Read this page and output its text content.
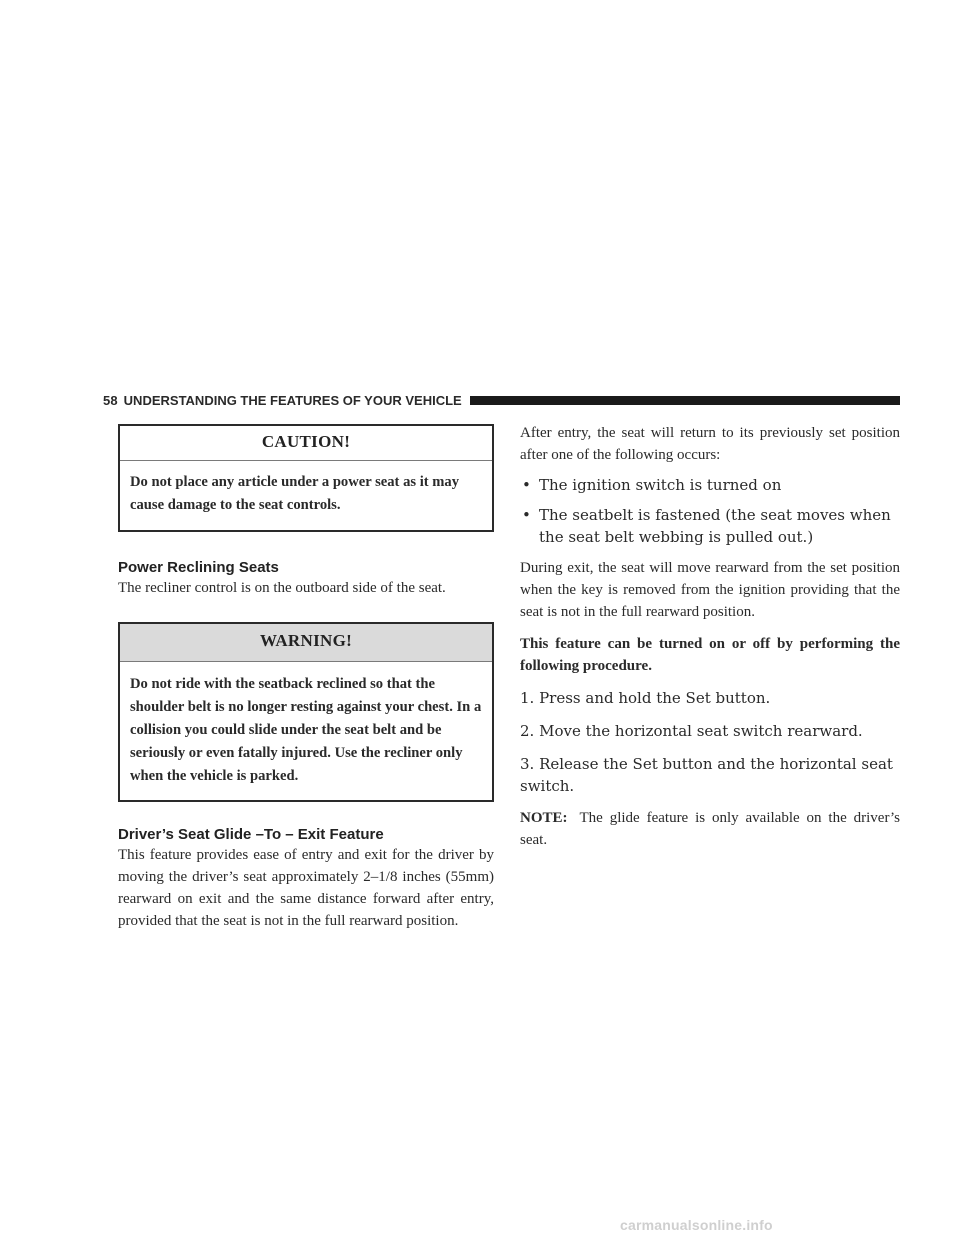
58 UNDERSTANDING THE FEATURES OF YOUR VEHICLE
CAUTION!
Do not place any article under a power seat as it may cause damage to the seat controls.
Power Reclining Seats

The recliner control is on the outboard side of the seat.

WARNING!
Do not ride with the seatback reclined so that the shoulder belt is no longer resting against your chest. In a collision you could slide under the seat belt and be seriously or even fatally injured. Use the recliner only when the vehicle is parked.
Driver’s Seat Glide –To – Exit Feature

This feature provides ease of entry and exit for the driver by moving the driver’s seat approximately 2–1/8 inches (55mm) rearward on exit and the same distance forward after entry, provided that the seat is not in the full rearward position.

After entry, the seat will return to its previously set position after one of the following occurs:

• The ignition switch is turned on
• The seatbelt is fastened (the seat moves when the seat belt webbing is pulled out.)

During exit, the seat will move rearward from the set position when the key is removed from the ignition providing that the seat is not in the full rearward position.

This feature can be turned on or off by performing the following procedure.

1. Press and hold the Set button.

2. Move the horizontal seat switch rearward.

3. Release the Set button and the horizontal seat switch.

NOTE: The glide feature is only available on the driver’s seat.

carmanualsonline.info
